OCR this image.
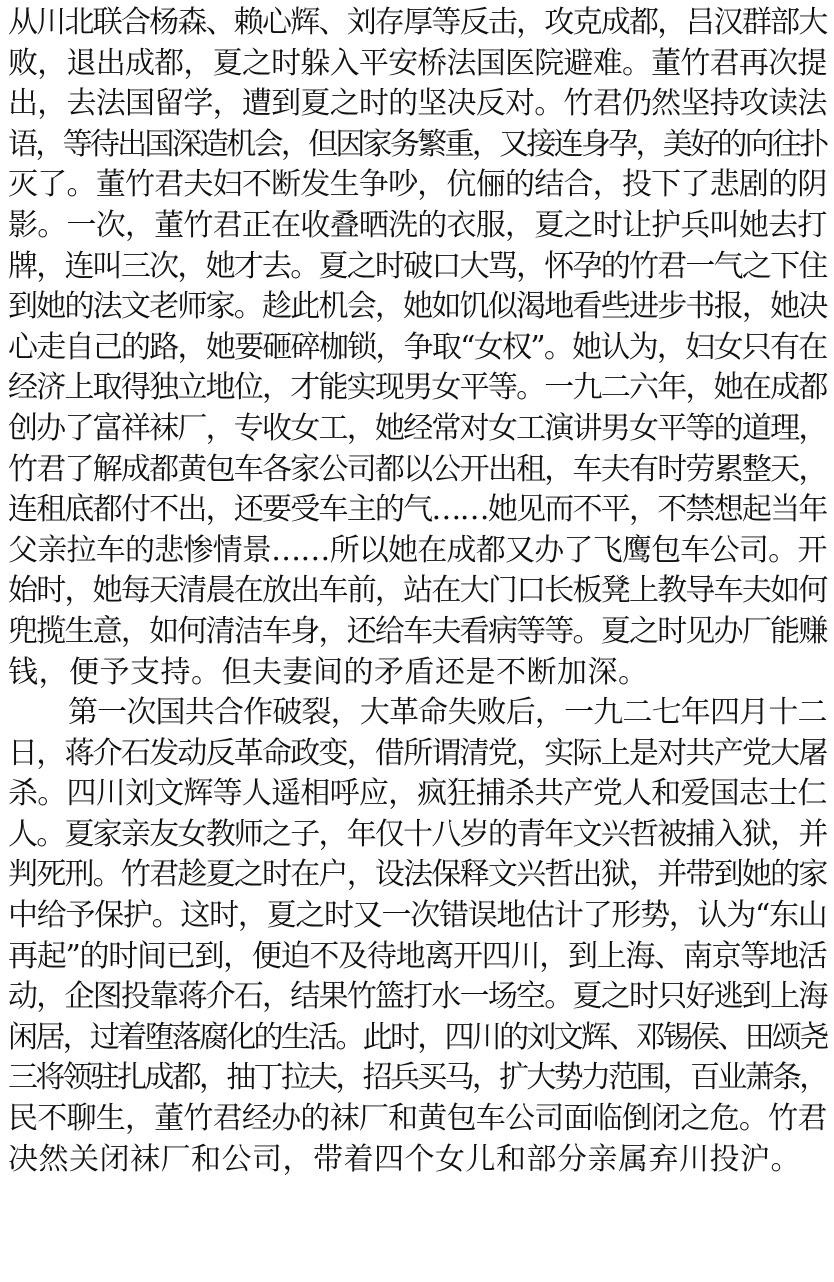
从川北联合杨森、赖心辉、刘存厚等反击，攻克成都，吕汉群部大
败，退出成都，夏之时躲入平安桥法国医院避难。董竹君再次提
出，去法国留学，遭到夏之时的坚决反对。竹君仍然坚持攻读法
语，等待出国深造机会，但因家务繁重，又接连身孕，美好的向往扑
灭了。董竹君夫妇不断发生争吵，伉俪的结合，投下了悲剧的阴
影。一次，董竹君正在收叠晒洗的衣服，夏之时让护兵叫她去打
牌，连叫三次，她才去。夏之时破口大骂，怀孕的竹君一气之下住
到她的法文老师家。趁此机会，她如饥似渴地看些进步书报，她决
心走自己的路，她要砸碎枷锁，争取“女权”。她认为，妇女只有在
经济上取得独立地位，才能实现男女平等。一九二六年，她在成都
创办了富祥袜厂，专收女工，她经常对女工演讲男女平等的道理，
竹君了解成都黄包车各家公司都以公开出租，车夫有时劳累整天，
连租底都付不出，还要受车主的气……她见而不平，不禁想起当年
父亲拉车的悲惨情景……所以她在成都又办了飞鹰包车公司。开
始时，她每天清晨在放出车前，站在大门口长板凳上教导车夫如何
兜揽生意，如何清洁车身，还给车夫看病等等。夏之时见办厂能赚
钱，便予支持。但夫妻间的矛盾还是不断加深。
第一次国共合作破裂，大革命失败后，一九二七年四月十二
日，蒋介石发动反革命政变，借所谓清党，实际上是对共产党大屠
杀。四川刘文辉等人遥相呼应，疯狂捕杀共产党人和爱国志士仁
人。夏家亲友女教师之子，年仅十八岁的青年文兴哲被捕入狱，并
判死刑。竹君趁夏之时在户，设法保释文兴哲出狱，并带到她的家
中给予保护。这时，夏之时又一次错误地估计了形势，认为“东山
再起”的时间已到，便迫不及待地离开四川，到上海、南京等地活
动，企图投靠蒋介石，结果竹篮打水一场空。夏之时只好逃到上海
闲居，过着堕落腐化的生活。此时，四川的刘文辉、邓锡侯、田颂尧
三将领驻扎成都，抽丁拉夫，招兵买马，扩大势力范围，百业萧条，
民不聊生，董竹君经办的袜厂和黄包车公司面临倒闭之危。竹君
决然关闭袜厂和公司，带着四个女儿和部分亲属弃川投沪。
